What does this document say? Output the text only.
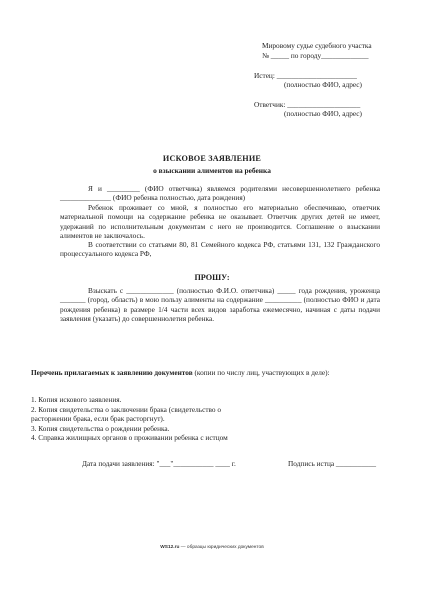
Мировому судье судебного участка
№ _____ по городу_____________
Истец: ______________________
(полностью ФИО, адрес)
Ответчик: ____________________
(полностью ФИО, адрес)
ИСКОВОЕ ЗАЯВЛЕНИЕ
о взыскании алиментов на ребенка

Я и _________ (ФИО ответчика) являемся родителями несовершеннолетнего ребенка ______________ (ФИО ребенка полностью, дата рождения)

Ребенок проживает со мной, я полностью его материально обеспечиваю, ответчик материальной помощи на содержание ребенка не оказывает. Ответчик других детей не имеет, удержаний по исполнительным документам с него не производится. Соглашение о взыскании алиментов не заключалось.

В соответствии со статьями 80, 81 Семейного кодекса РФ, статьями 131, 132 Гражданского процессуального кодекса РФ,

ПРОШУ:

Взыскать с _____________ (полностью Ф.И.О. ответчика) _____ года рождения, уроженца _______ (город, область) в мою пользу алименты на содержание __________ (полностью ФИО и дата рождения ребенка) в размере 1/4 части всех видов заработка ежемесячно, начиная с даты подачи заявления (указать) до совершеннолетия ребенка.

Перечень прилагаемых к заявлению документов (копии по числу лиц, участвующих в деле):

1. Копия искового заявления.
2. Копия свидетельства о заключении брака (свидетельство о
расторжении брака, если брак расторгнут).
3. Копия свидетельства о рождении ребенка.
4. Справка жилищных органов о проживании ребенка с истцом
Дата подачи заявления: "___"___________ ____ г.	Подпись истца ___________
WS12.ru — образцы юридических документов
